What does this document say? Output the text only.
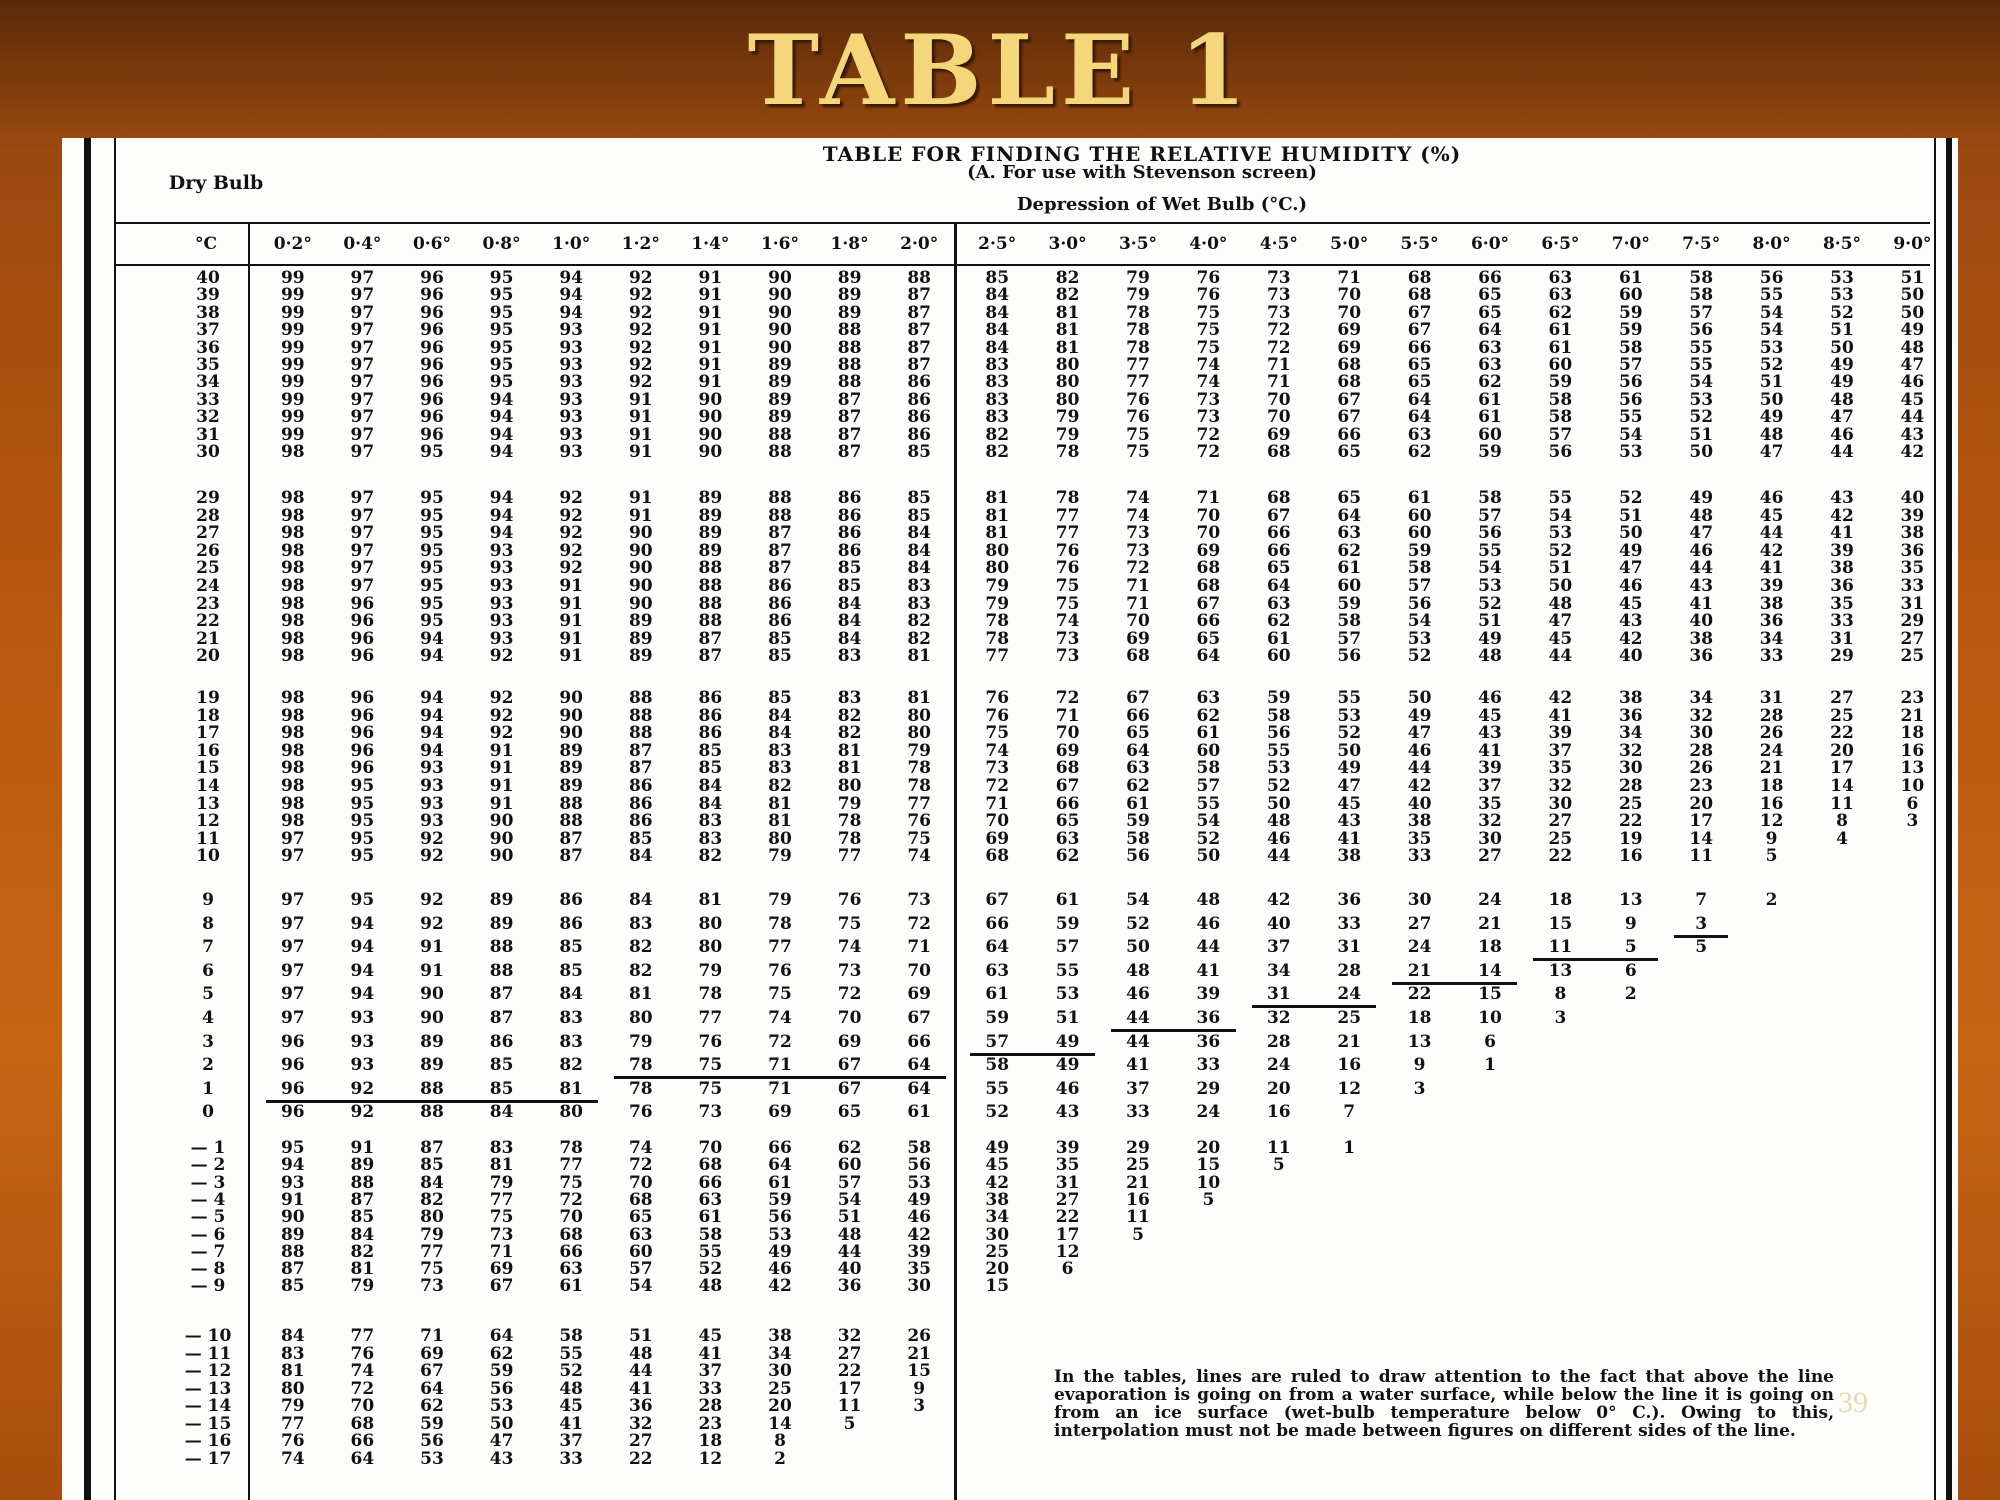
TABLE 1
TABLE FOR FINDING THE RELATIVE HUMIDITY (%)
(A. For use with Stevenson screen)
Dry Bulb
Depression of Wet Bulb (°C.)
°C	0·2°	0·4°	0·6°	0·8°	1·0°	1·2°	1·4°	1·6°	1·8°	2·0°	2·5°	3·0°	3·5°	4·0°	4·5°	5·0°	5·5°	6·0°	6·5°	7·0°	7·5°	8·0°	8·5°	9·0°
40	99	97	96	95	94	92	91	90	89	88	85	82	79	76	73	71	68	66	63	61	58	56	53	51
39	99	97	96	95	94	92	91	90	89	87	84	82	79	76	73	70	68	65	63	60	58	55	53	50
38	99	97	96	95	94	92	91	90	89	87	84	81	78	75	73	70	67	65	62	59	57	54	52	50
37	99	97	96	95	93	92	91	90	88	87	84	81	78	75	72	69	67	64	61	59	56	54	51	49
36	99	97	96	95	93	92	91	90	88	87	84	81	78	75	72	69	66	63	61	58	55	53	50	48
35	99	97	96	95	93	92	91	89	88	87	83	80	77	74	71	68	65	63	60	57	55	52	49	47
34	99	97	96	95	93	92	91	89	88	86	83	80	77	74	71	68	65	62	59	56	54	51	49	46
33	99	97	96	94	93	91	90	89	87	86	83	80	76	73	70	67	64	61	58	56	53	50	48	45
32	99	97	96	94	93	91	90	89	87	86	83	79	76	73	70	67	64	61	58	55	52	49	47	44
31	99	97	96	94	93	91	90	88	87	86	82	79	75	72	69	66	63	60	57	54	51	48	46	43
30	98	97	95	94	93	91	90	88	87	85	82	78	75	72	68	65	62	59	56	53	50	47	44	42
29	98	97	95	94	92	91	89	88	86	85	81	78	74	71	68	65	61	58	55	52	49	46	43	40
28	98	97	95	94	92	91	89	88	86	85	81	77	74	70	67	64	60	57	54	51	48	45	42	39
27	98	97	95	94	92	90	89	87	86	84	81	77	73	70	66	63	60	56	53	50	47	44	41	38
26	98	97	95	93	92	90	89	87	86	84	80	76	73	69	66	62	59	55	52	49	46	42	39	36
25	98	97	95	93	92	90	88	87	85	84	80	76	72	68	65	61	58	54	51	47	44	41	38	35
24	98	97	95	93	91	90	88	86	85	83	79	75	71	68	64	60	57	53	50	46	43	39	36	33
23	98	96	95	93	91	90	88	86	84	83	79	75	71	67	63	59	56	52	48	45	41	38	35	31
22	98	96	95	93	91	89	88	86	84	82	78	74	70	66	62	58	54	51	47	43	40	36	33	29
21	98	96	94	93	91	89	87	85	84	82	78	73	69	65	61	57	53	49	45	42	38	34	31	27
20	98	96	94	92	91	89	87	85	83	81	77	73	68	64	60	56	52	48	44	40	36	33	29	25
19	98	96	94	92	90	88	86	85	83	81	76	72	67	63	59	55	50	46	42	38	34	31	27	23
18	98	96	94	92	90	88	86	84	82	80	76	71	66	62	58	53	49	45	41	36	32	28	25	21
17	98	96	94	92	90	88	86	84	82	80	75	70	65	61	56	52	47	43	39	34	30	26	22	18
16	98	96	94	91	89	87	85	83	81	79	74	69	64	60	55	50	46	41	37	32	28	24	20	16
15	98	96	93	91	89	87	85	83	81	78	73	68	63	58	53	49	44	39	35	30	26	21	17	13
14	98	95	93	91	89	86	84	82	80	78	72	67	62	57	52	47	42	37	32	28	23	18	14	10
13	98	95	93	91	88	86	84	81	79	77	71	66	61	55	50	45	40	35	30	25	20	16	11	6
12	98	95	93	90	88	86	83	81	78	76	70	65	59	54	48	43	38	32	27	22	17	12	8	3
11	97	95	92	90	87	85	83	80	78	75	69	63	58	52	46	41	35	30	25	19	14	9	4
10	97	95	92	90	87	84	82	79	77	74	68	62	56	50	44	38	33	27	22	16	11	5
9	97	95	92	89	86	84	81	79	76	73	67	61	54	48	42	36	30	24	18	13	7	2
8	97	94	92	89	86	83	80	78	75	72	66	59	52	46	40	33	27	21	15	9	3
7	97	94	91	88	85	82	80	77	74	71	64	57	50	44	37	31	24	18	11	5	5
6	97	94	91	88	85	82	79	76	73	70	63	55	48	41	34	28	21	14	13	6
5	97	94	90	87	84	81	78	75	72	69	61	53	46	39	31	24	22	15	8	2
4	97	93	90	87	83	80	77	74	70	67	59	51	44	36	32	25	18	10	3
3	96	93	89	86	83	79	76	72	69	66	57	49	44	36	28	21	13	6
2	96	93	89	85	82	78	75	71	67	64	58	49	41	33	24	16	9	1
1	96	92	88	85	81	78	75	71	67	64	55	46	37	29	20	12	3
0	96	92	88	84	80	76	73	69	65	61	52	43	33	24	16	7
— 1	95	91	87	83	78	74	70	66	62	58	49	39	29	20	11	1
— 2	94	89	85	81	77	72	68	64	60	56	45	35	25	15	5
— 3	93	88	84	79	75	70	66	61	57	53	42	31	21	10
— 4	91	87	82	77	72	68	63	59	54	49	38	27	16	5
— 5	90	85	80	75	70	65	61	56	51	46	34	22	11
— 6	89	84	79	73	68	63	58	53	48	42	30	17	5
— 7	88	82	77	71	66	60	55	49	44	39	25	12
— 8	87	81	75	69	63	57	52	46	40	35	20	6
— 9	85	79	73	67	61	54	48	42	36	30	15
— 10	84	77	71	64	58	51	45	38	32	26
— 11	83	76	69	62	55	48	41	34	27	21
— 12	81	74	67	59	52	44	37	30	22	15
— 13	80	72	64	56	48	41	33	25	17	9
— 14	79	70	62	53	45	36	28	20	11	3
— 15	77	68	59	50	41	32	23	14	5
— 16	76	66	56	47	37	27	18	8
— 17	74	64	53	43	33	22	12	2
In the tables, lines are ruled to draw attention to the fact that above the line evaporation is going on from a water surface, while below the line it is going on from an ice surface (wet-bulb temperature below 0° C.). Owing to this, interpolation must not be made between figures on different sides of the line.
39
